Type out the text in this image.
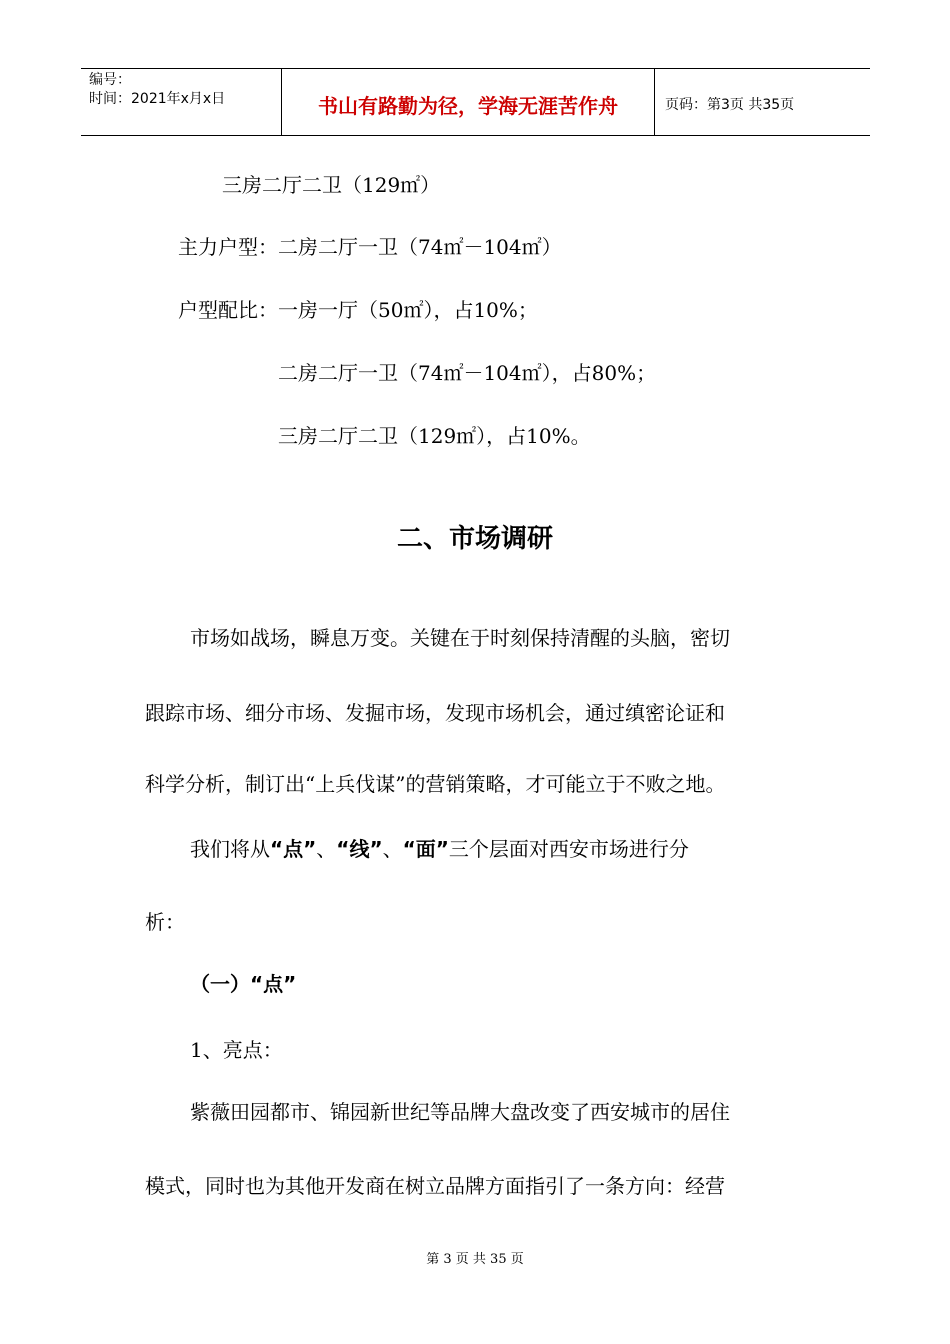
编号：
时间：2021年x月x日	书山有路勤为径，学海无涯苦作舟	页码：第3页 共35页
三房二厅二卫（129㎡）
主力户型：二房二厅一卫（74㎡－104㎡）
户型配比：一房一厅（50㎡），占10%；
二房二厅一卫（74㎡－104㎡），占80%；
三房二厅二卫（129㎡），占10%。
二、市场调研
市场如战场，瞬息万变。关键在于时刻保持清醒的头脑，密切
跟踪市场、细分市场、发掘市场，发现市场机会，通过缜密论证和
科学分析，制订出“上兵伐谋”的营销策略，才可能立于不败之地。
我们将从“点”、“线”、“面”三个层面对西安市场进行分
析：
（一）“点”
1、亮点：
紫薇田园都市、锦园新世纪等品牌大盘改变了西安城市的居住
模式，同时也为其他开发商在树立品牌方面指引了一条方向：经营
第 3 页 共 35 页
